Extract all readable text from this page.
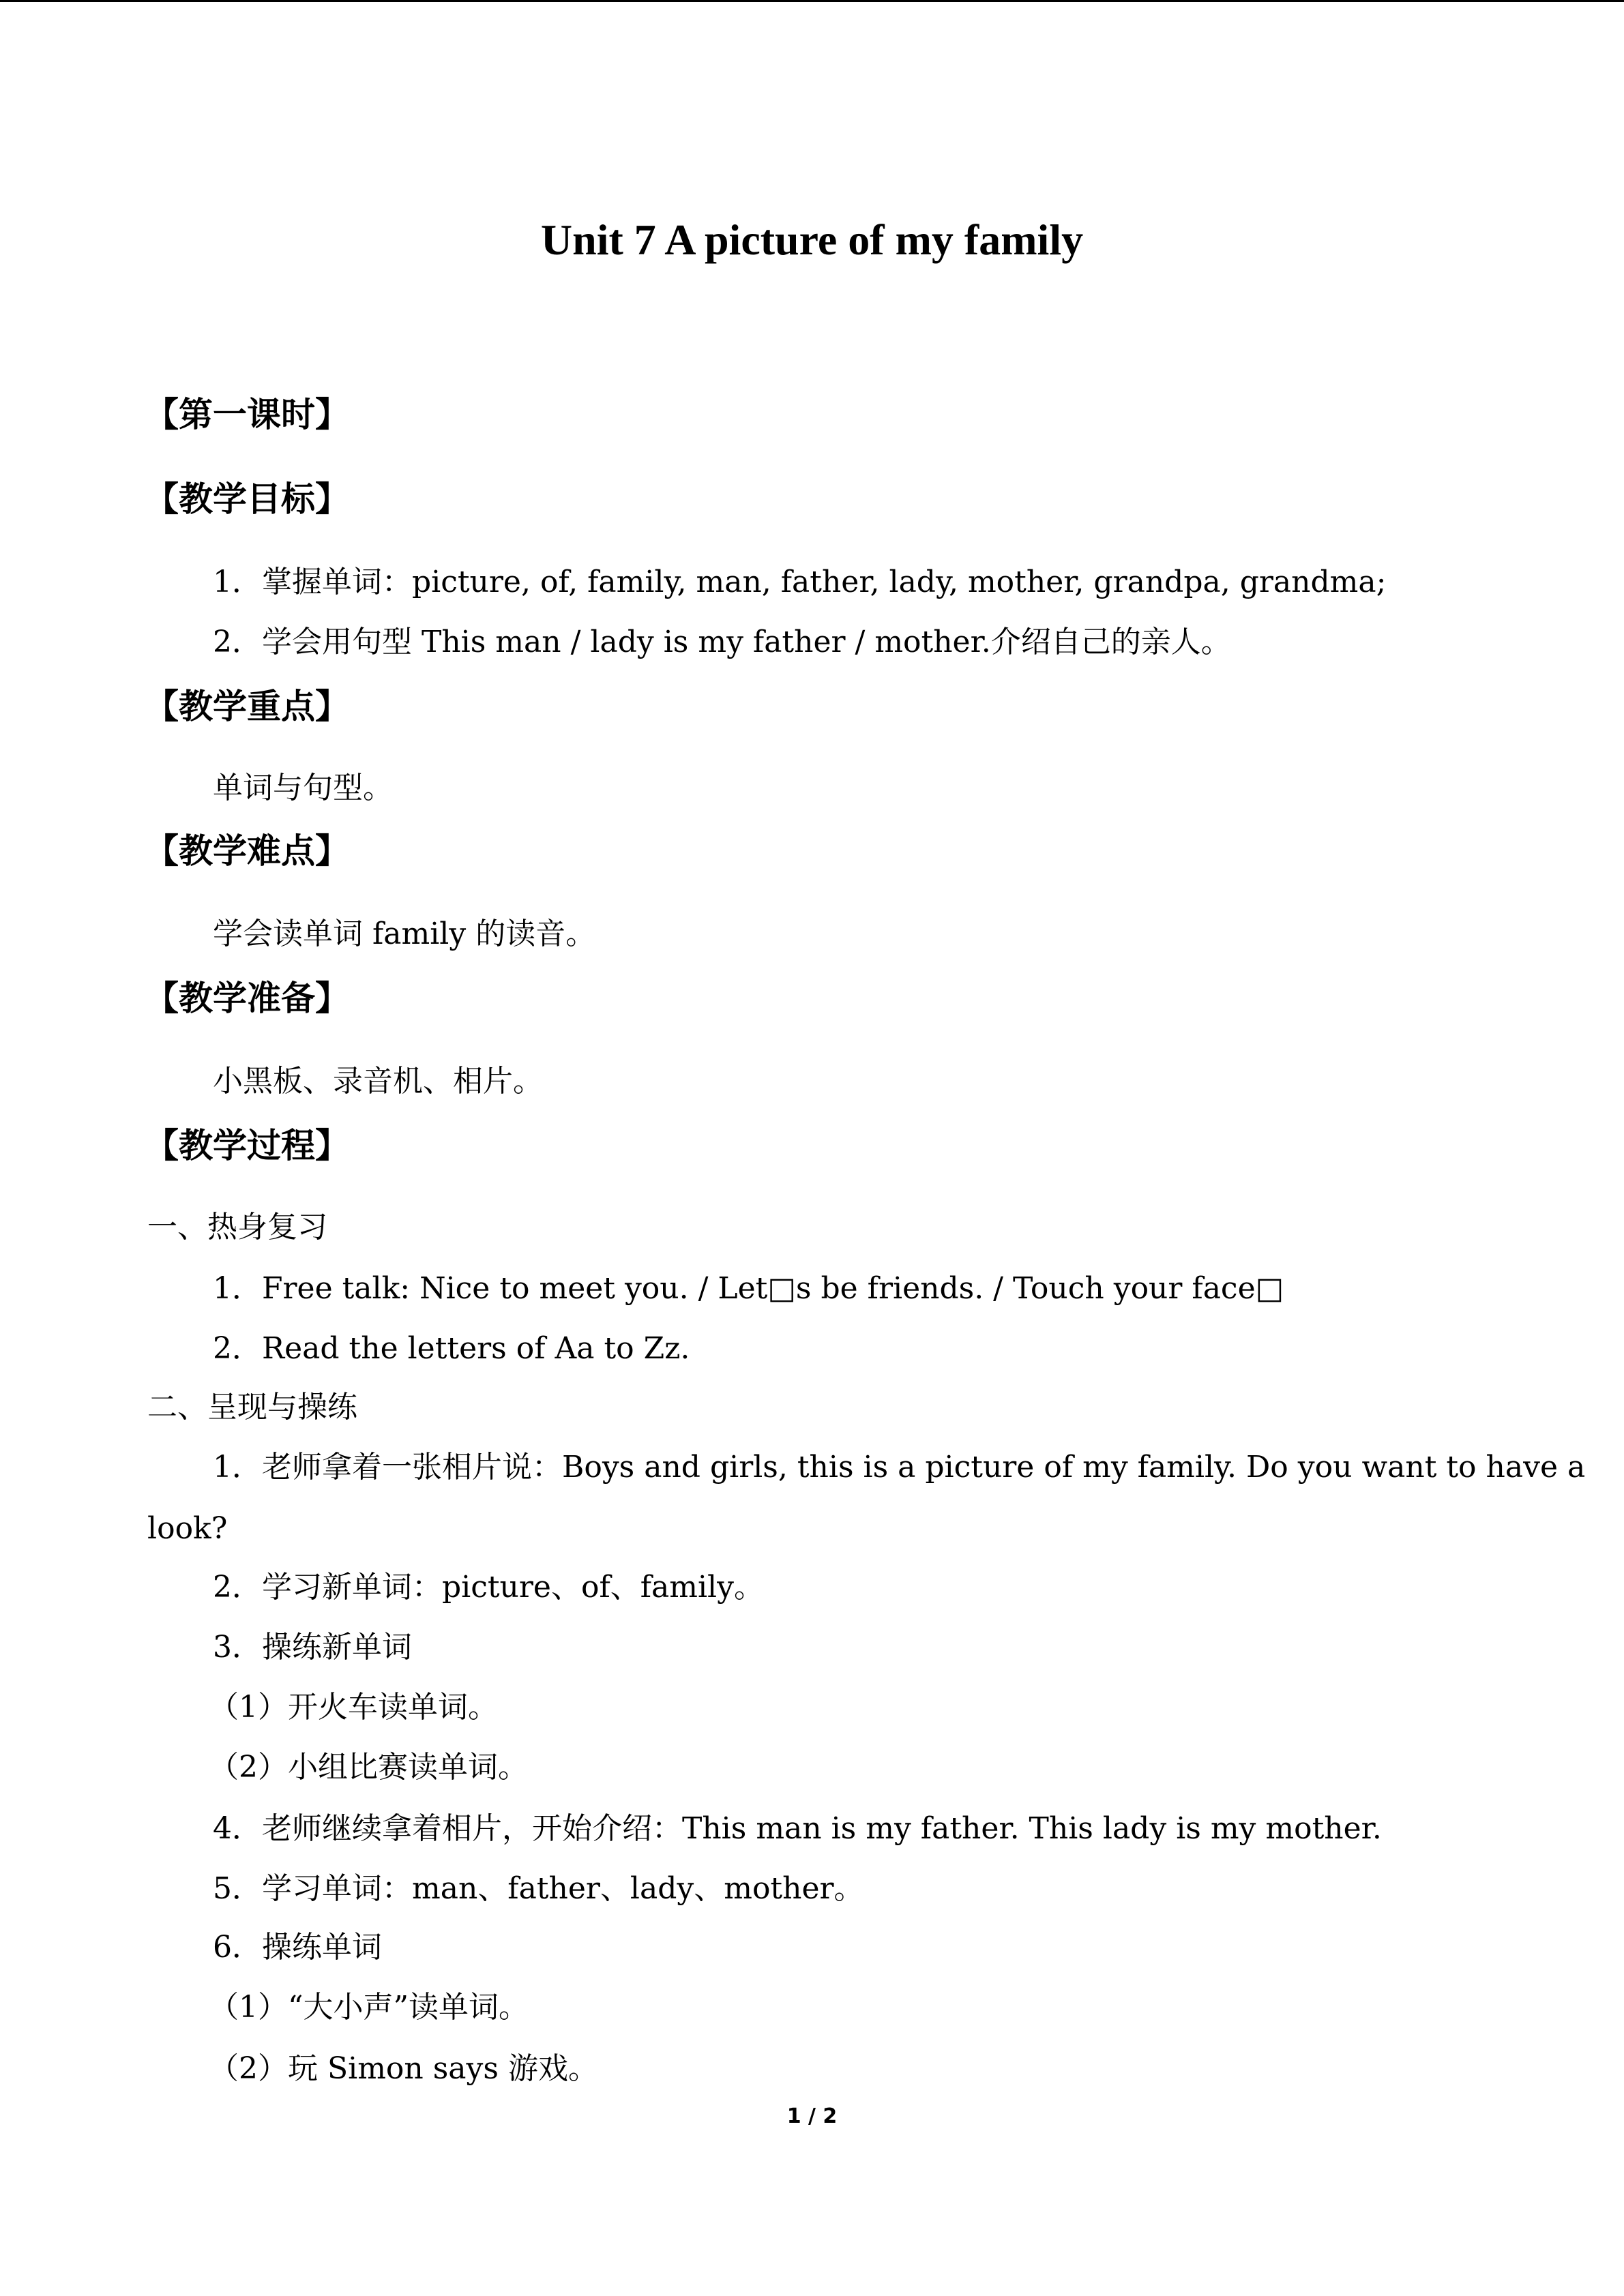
Unit 7 A picture of my family
【第一课时】
【教学目标】
1．掌握单词：picture, of, family, man, father, lady, mother, grandpa, grandma;
2．学会用句型 This man / lady is my father / mother.介绍自己的亲人。
【教学重点】
单词与句型。
【教学难点】
学会读单词 family 的读音。
【教学准备】
小黑板、录音机、相片。
【教学过程】
一、热身复习
1．Free talk: Nice to meet you. / Let□s be friends. / Touch your face□
2．Read the letters of Aa to Zz.
二、呈现与操练
1．老师拿着一张相片说：Boys and girls, this is a picture of my family. Do you want to have a
look?
2．学习新单词：picture、of、family。
3．操练新单词
（1）开火车读单词。
（2）小组比赛读单词。
4．老师继续拿着相片，开始介绍：This man is my father. This lady is my mother.
5．学习单词：man、father、lady、mother。
6．操练单词
（1）“大小声”读单词。
（2）玩 Simon says 游戏。
1 / 2
